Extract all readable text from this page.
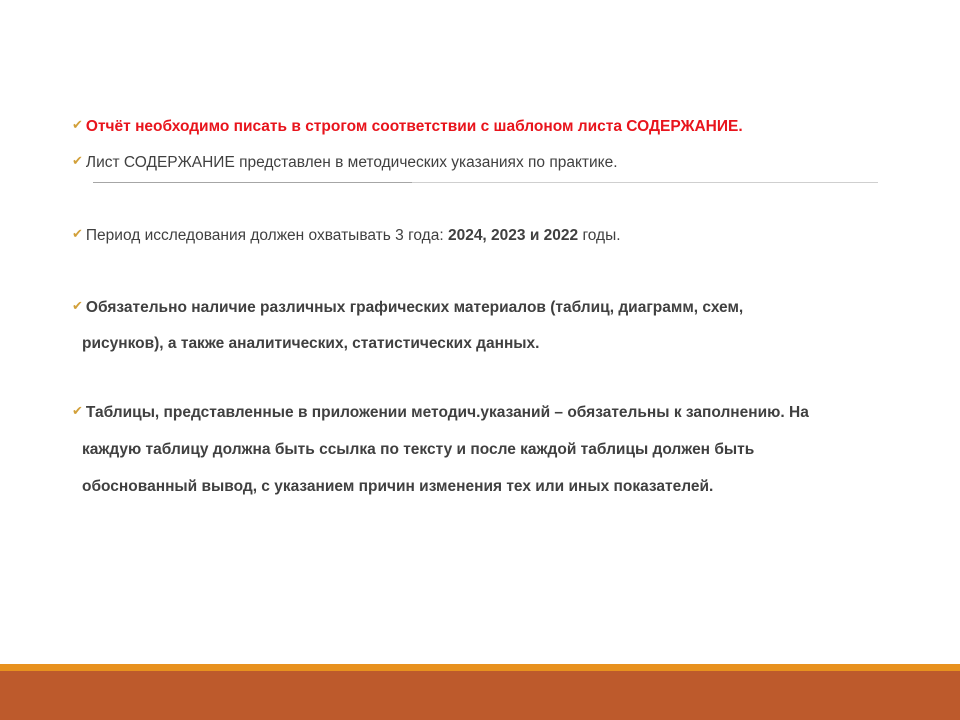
✔ Отчёт необходимо писать в строгом соответствии с шаблоном листа СОДЕРЖАНИЕ.
✔ Лист СОДЕРЖАНИЕ представлен в методических указаниях по практике.
✔ Период исследования должен охватывать 3 года: 2024, 2023 и 2022 годы.
✔ Обязательно наличие различных графических материалов (таблиц, диаграмм, схем,
рисунков), а также аналитических, статистических данных.
✔ Таблицы, представленные в приложении методич.указаний – обязательны к заполнению. На
каждую таблицу должна быть ссылка по тексту и после каждой таблицы должен быть
обоснованный вывод, с указанием причин изменения тех или иных показателей.
